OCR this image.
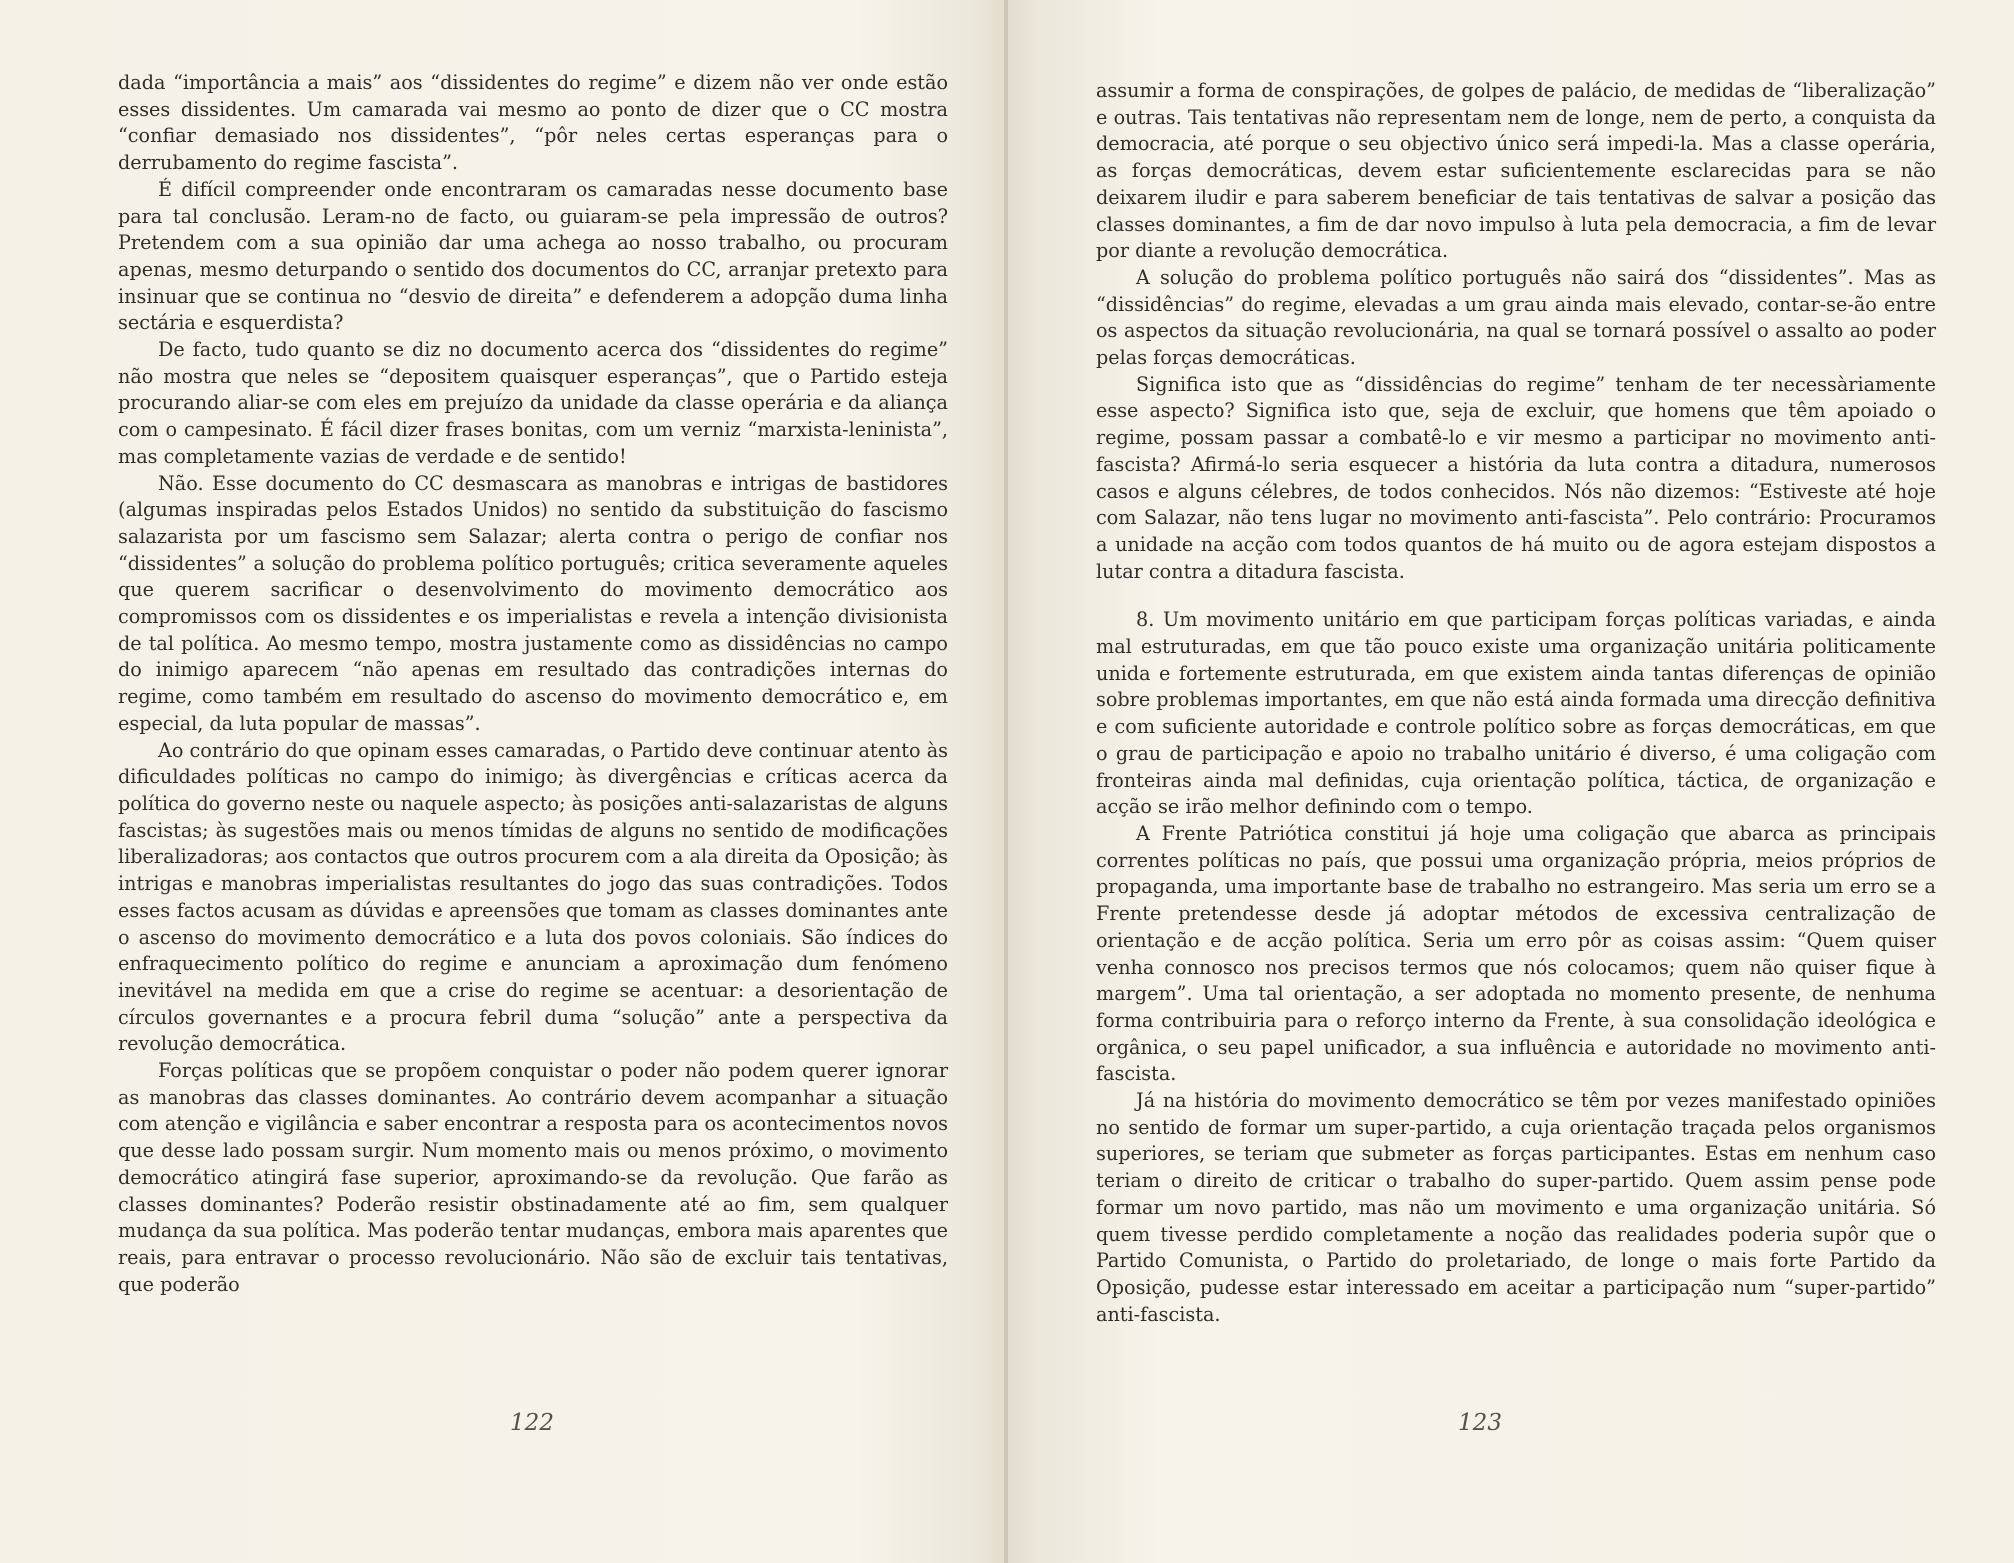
dada “importância a mais” aos “dissidentes do regime” e dizem não ver onde estão esses dissidentes. Um camarada vai mesmo ao ponto de dizer que o CC mostra “confiar demasiado nos dissidentes”, “pôr neles certas esperanças para o derrubamento do regime fascista”.

É difícil compreender onde encontraram os camaradas nesse documento base para tal conclusão. Leram-no de facto, ou guiaram-se pela impressão de outros? Pretendem com a sua opinião dar uma achega ao nosso trabalho, ou procuram apenas, mesmo deturpando o sentido dos documentos do CC, arranjar pretexto para insinuar que se continua no “desvio de direita” e defenderem a adopção duma linha sectária e esquerdista?

De facto, tudo quanto se diz no documento acerca dos “dissidentes do regime” não mostra que neles se “depositem quaisquer esperanças”, que o Partido esteja procurando aliar-se com eles em prejuízo da unidade da classe operária e da aliança com o campesinato. É fácil dizer frases bonitas, com um verniz “marxista-leninista”, mas completamente vazias de verdade e de sentido!

Não. Esse documento do CC desmascara as manobras e intrigas de bastidores (algumas inspiradas pelos Estados Unidos) no sentido da substituição do fascismo salazarista por um fascismo sem Salazar; alerta contra o perigo de confiar nos “dissidentes” a solução do problema político português; critica severamente aqueles que querem sacrificar o desenvolvimento do movimento democrático aos compromissos com os dissidentes e os imperialistas e revela a intenção divisionista de tal política. Ao mesmo tempo, mostra justamente como as dissidências no campo do inimigo aparecem “não apenas em resultado das contradições internas do regime, como também em resultado do ascenso do movimento democrático e, em especial, da luta popular de massas”.

Ao contrário do que opinam esses camaradas, o Partido deve continuar atento às dificuldades políticas no campo do inimigo; às divergências e críticas acerca da política do governo neste ou naquele aspecto; às posições anti-salazaristas de alguns fascistas; às sugestões mais ou menos tímidas de alguns no sentido de modificações liberalizadoras; aos contactos que outros procurem com a ala direita da Oposição; às intrigas e manobras imperialistas resultantes do jogo das suas contradições. Todos esses factos acusam as dúvidas e apreensões que tomam as classes dominantes ante o ascenso do movimento democrático e a luta dos povos coloniais. São índices do enfraquecimento político do regime e anunciam a aproximação dum fenómeno inevitável na medida em que a crise do regime se acentuar: a desorientação de círculos governantes e a procura febril duma “solução” ante a perspectiva da revolução democrática.

Forças políticas que se propõem conquistar o poder não podem querer ignorar as manobras das classes dominantes. Ao contrário devem acompanhar a situação com atenção e vigilância e saber encontrar a resposta para os acontecimentos novos que desse lado possam surgir. Num momento mais ou menos próximo, o movimento democrático atingirá fase superior, aproximando-se da revolução. Que farão as classes dominantes? Poderão resistir obstinadamente até ao fim, sem qualquer mudança da sua política. Mas poderão tentar mudanças, embora mais aparentes que reais, para entravar o processo revolucionário. Não são de excluir tais tentativas, que poderão

122

assumir a forma de conspirações, de golpes de palácio, de medidas de “liberalização” e outras. Tais tentativas não representam nem de longe, nem de perto, a conquista da democracia, até porque o seu objectivo único será impedi-la. Mas a classe operária, as forças democráticas, devem estar suficientemente esclarecidas para se não deixarem iludir e para saberem beneficiar de tais tentativas de salvar a posição das classes dominantes, a fim de dar novo impulso à luta pela democracia, a fim de levar por diante a revolução democrática.

A solução do problema político português não sairá dos “dissidentes”. Mas as “dissidências” do regime, elevadas a um grau ainda mais elevado, contar-se-ão entre os aspectos da situação revolucionária, na qual se tornará possível o assalto ao poder pelas forças democráticas.

Significa isto que as “dissidências do regime” tenham de ter necessàriamente esse aspecto? Significa isto que, seja de excluir, que homens que têm apoiado o regime, possam passar a combatê-lo e vir mesmo a participar no movimento anti-fascista? Afirmá-lo seria esquecer a história da luta contra a ditadura, numerosos casos e alguns célebres, de todos conhecidos. Nós não dizemos: “Estiveste até hoje com Salazar, não tens lugar no movimento anti-fascista”. Pelo contrário: Procuramos a unidade na acção com todos quantos de há muito ou de agora estejam dispostos a lutar contra a ditadura fascista.

8. Um movimento unitário em que participam forças políticas variadas, e ainda mal estruturadas, em que tão pouco existe uma organização unitária politicamente unida e fortemente estruturada, em que existem ainda tantas diferenças de opinião sobre problemas importantes, em que não está ainda formada uma direcção definitiva e com suficiente autoridade e controle político sobre as forças democráticas, em que o grau de participação e apoio no trabalho unitário é diverso, é uma coligação com fronteiras ainda mal definidas, cuja orientação política, táctica, de organização e acção se irão melhor definindo com o tempo.

A Frente Patriótica constitui já hoje uma coligação que abarca as principais correntes políticas no país, que possui uma organização própria, meios próprios de propaganda, uma importante base de trabalho no estrangeiro. Mas seria um erro se a Frente pretendesse desde já adoptar métodos de excessiva centralização de orientação e de acção política. Seria um erro pôr as coisas assim: “Quem quiser venha connosco nos precisos termos que nós colocamos; quem não quiser fique à margem”. Uma tal orientação, a ser adoptada no momento presente, de nenhuma forma contribuiria para o reforço interno da Frente, à sua consolidação ideológica e orgânica, o seu papel unificador, a sua influência e autoridade no movimento anti-fascista.

Já na história do movimento democrático se têm por vezes manifestado opiniões no sentido de formar um super-partido, a cuja orientação traçada pelos organismos superiores, se teriam que submeter as forças participantes. Estas em nenhum caso teriam o direito de criticar o trabalho do super-partido. Quem assim pense pode formar um novo partido, mas não um movimento e uma organização unitária. Só quem tivesse perdido completamente a noção das realidades poderia supôr que o Partido Comunista, o Partido do proletariado, de longe o mais forte Partido da Oposição, pudesse estar interessado em aceitar a participação num “super-partido” anti-fascista.

123
